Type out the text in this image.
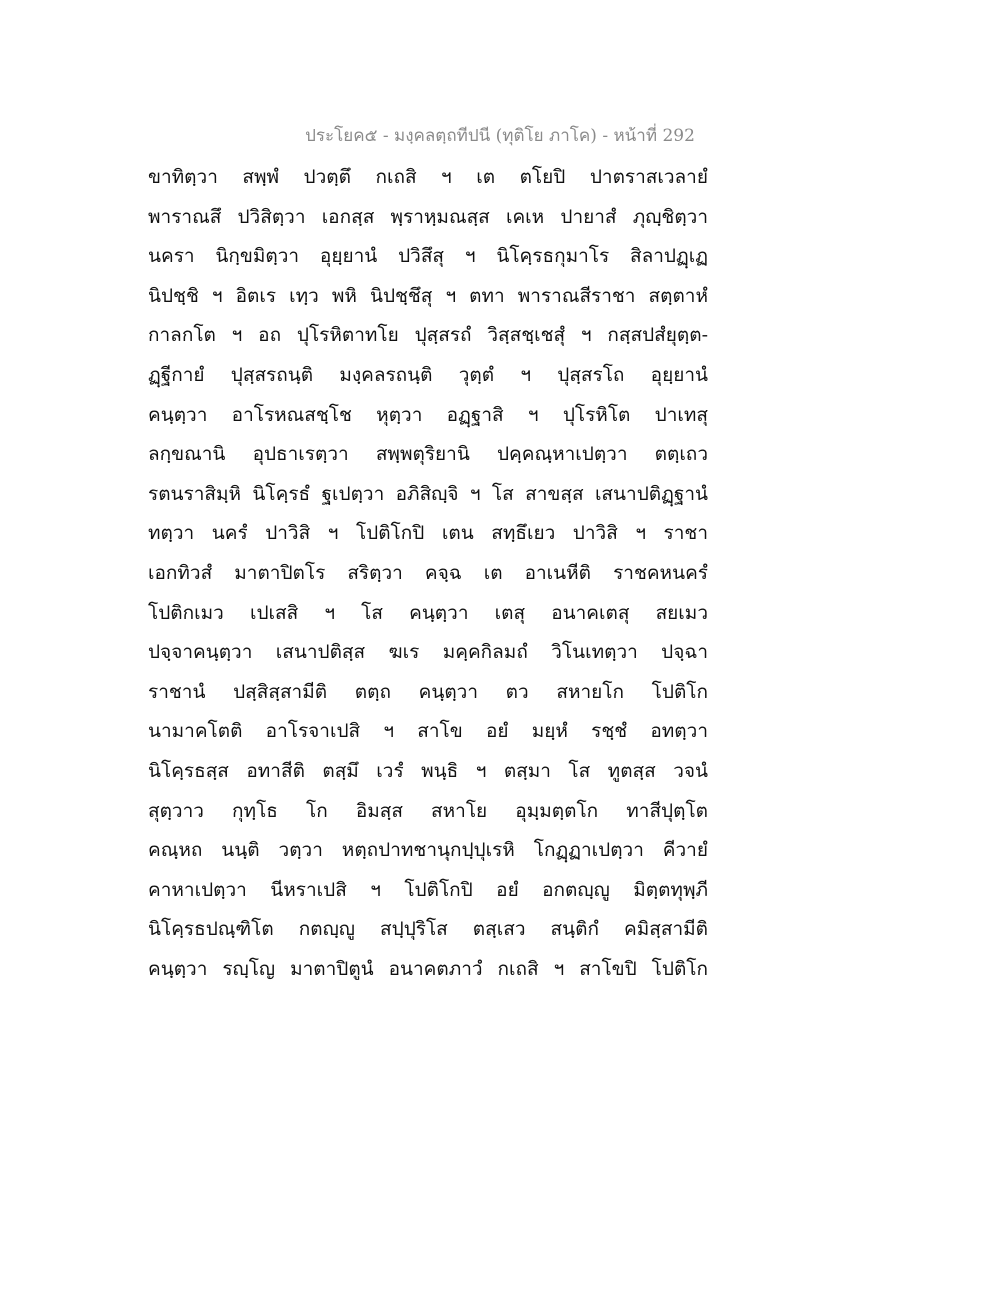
ประโยค๕ - มงฺคลตฺถทีปนี (ทุติโย ภาโค) - หน้าที่ 292
ขาทิตฺวา สพฺพํ ปวตฺตึ กเถสิ ฯ เต ตโยปิ ปาตราสเวลายํ
พาราณสึ ปวิสิตฺวา เอกสฺส พฺราหฺมณสฺส เคเห ปายาสํ ภุญฺชิตฺวา
นครา นิกฺขมิตฺวา อุยฺยานํ ปวิสึสุ ฯ นิโคฺรธกุมาโร สิลาปฏฺเฏ
นิปชฺชิ ฯ อิตเร เทฺว พหิ นิปชฺชึสุ ฯ ตทา พาราณสีราชา สตฺตาหํ
กาลกโต ฯ อถ ปุโรหิตาทโย ปุสฺสรถํ วิสฺสชฺเชสุํ ฯ กสฺสปสํยุตฺต-
ฏฺฐีกายํ ปุสฺสรถนฺติ มงฺคลรถนฺติ วุตฺตํ ฯ ปุสฺสรโถ อุยฺยานํ
คนฺตฺวา อาโรหณสชฺโช หุตฺวา อฏฺฐาสิ ฯ ปุโรหิโต ปาเทสุ
ลกฺขณานิ อุปธาเรตฺวา สพฺพตุริยานิ ปคฺคณฺหาเปตฺวา ตตฺเถว
รตนราสิมฺหิ นิโคฺรธํ ฐเปตฺวา อภิสิญฺจิ ฯ โส สาขสฺส เสนาปติฏฺฐานํ
ทตฺวา นครํ ปาวิสิ ฯ โปติโกปิ เตน สทฺธึเยว ปาวิสิ ฯ ราชา
เอกทิวสํ มาตาปิตโร สริตฺวา คจฺฉ เต อาเนหีติ ราชคหนครํ
โปติกเมว เปเสสิ ฯ โส คนฺตฺวา เตสุ อนาคเตสุ สยเมว
ปจฺจาคนฺตฺวา เสนาปติสฺส ฆเร มคฺคกิลมถํ วิโนเทตฺวา ปจฺฉา
ราชานํ ปสฺสิสฺสามีติ ตตฺถ คนฺตฺวา ตว สหายโก โปติโก
นามาคโตติ อาโรจาเปสิ ฯ สาโข อยํ มยฺหํ รชฺชํ อทตฺวา
นิโคฺรธสฺส อทาสีติ ตสฺมึ เวรํ พนฺธิ ฯ ตสฺมา โส ทูตสฺส วจนํ
สุตฺวาว กุทฺโธ โก อิมสฺส สหาโย อุมฺมตฺตโก ทาสีปุตฺโต
คณฺหถ นนฺติ วตฺวา หตฺถปาทชานุกปฺปุเรหิ โกฏฺฏาเปตฺวา คีวายํ
คาหาเปตฺวา นีหราเปสิ ฯ โปติโกปิ อยํ อกตญฺญู มิตฺตทุพฺภี
นิโคฺรธปณฺฑิโต กตญฺญู สปฺปุริโส ตสฺเสว สนฺติกํ คมิสฺสามีติ
คนฺตฺวา รญฺโญ มาตาปิตูนํ อนาคตภาวํ กเถสิ ฯ สาโขปิ โปติโก
